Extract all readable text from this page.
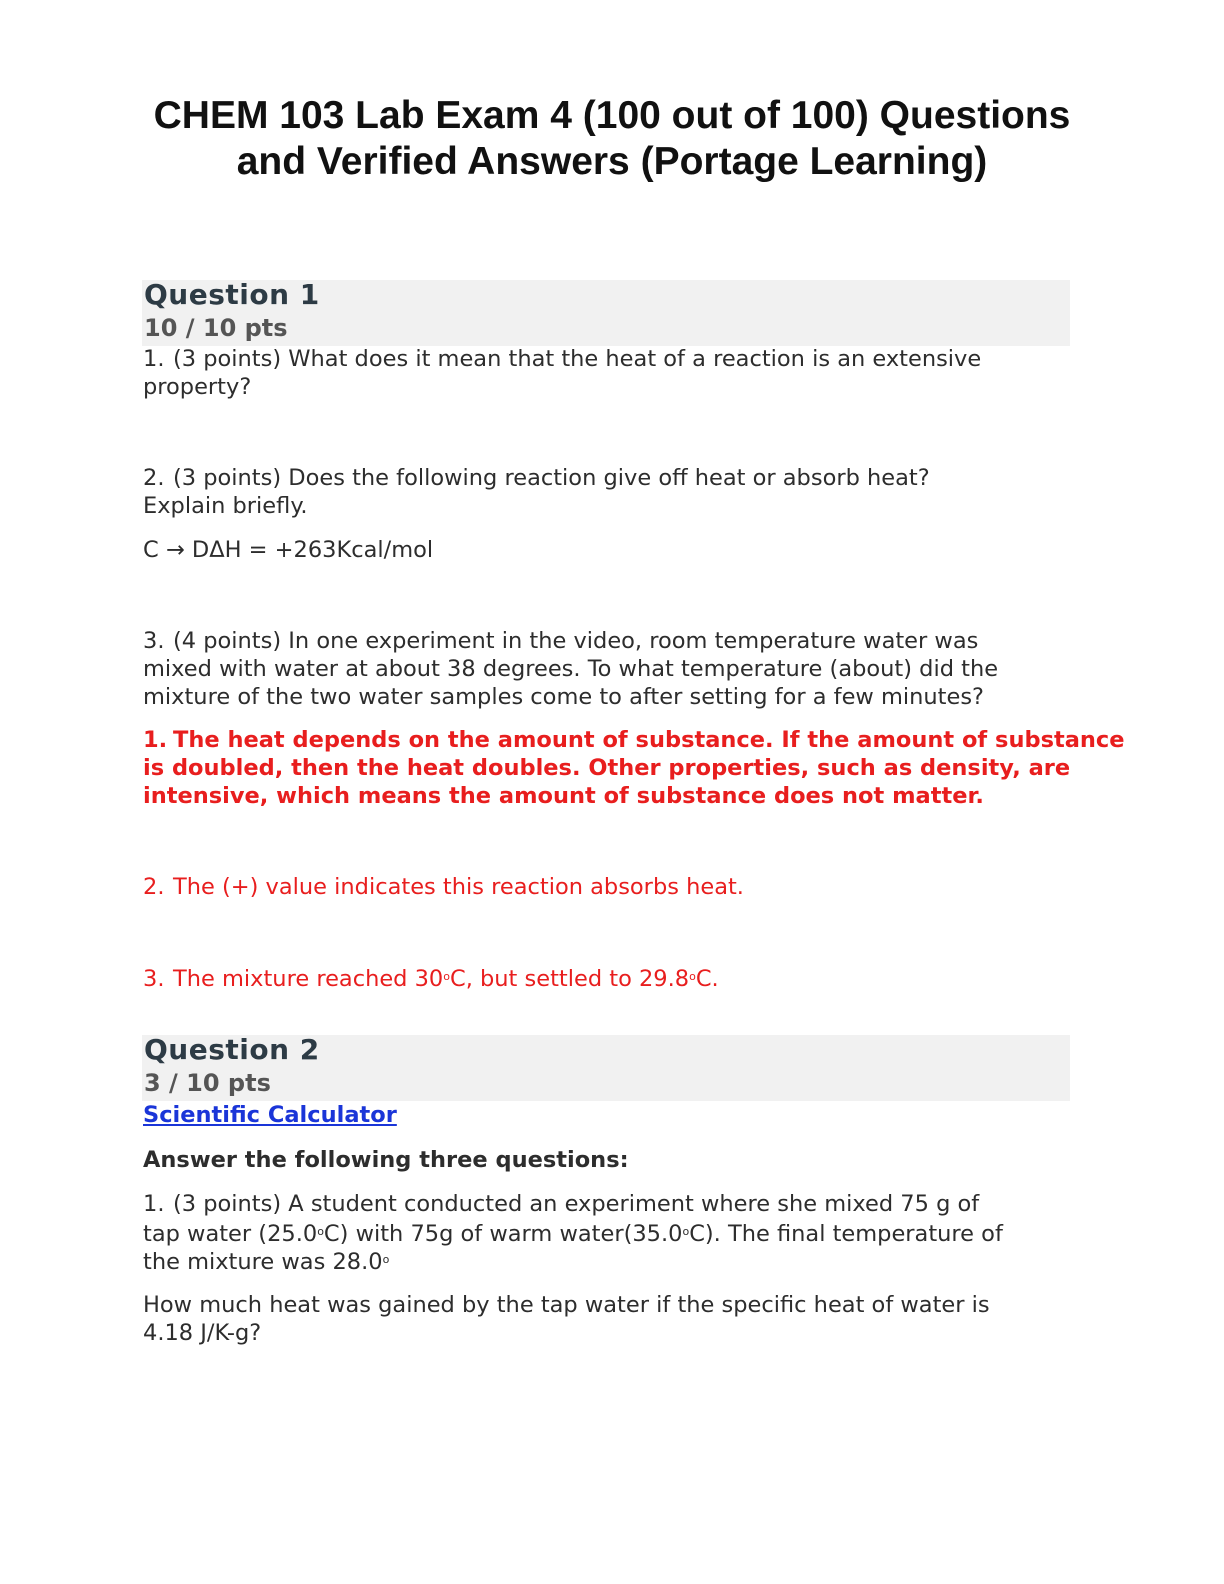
CHEM 103 Lab Exam 4 (100 out of 100) Questions
and Verified Answers (Portage Learning)
Question 1
10 / 10 pts
1. (3 points) What does it mean that the heat of a reaction is an extensive
property?
2. (3 points) Does the following reaction give off heat or absorb heat?
Explain briefly.
C → DΔH = +263Kcal/mol
3. (4 points) In one experiment in the video, room temperature water was
mixed with water at about 38 degrees. To what temperature (about) did the
mixture of the two water samples come to after setting for a few minutes?
1. The heat depends on the amount of substance. If the amount of substance
is doubled, then the heat doubles. Other properties, such as density, are
intensive, which means the amount of substance does not matter.
2. The (+) value indicates this reaction absorbs heat.
3. The mixture reached 30$^o$C, but settled to 29.8$^o$C.
Question 2
3 / 10 pts
Scientific Calculator
Answer the following three questions:
1. (3 points) A student conducted an experiment where she mixed 75 g of
tap water (25.0$^o$C) with 75g of warm water(35.0$^o$C). The final temperature of
the mixture was 28.0$^o$
How much heat was gained by the tap water if the specific heat of water is
4.18 J/K-g?
